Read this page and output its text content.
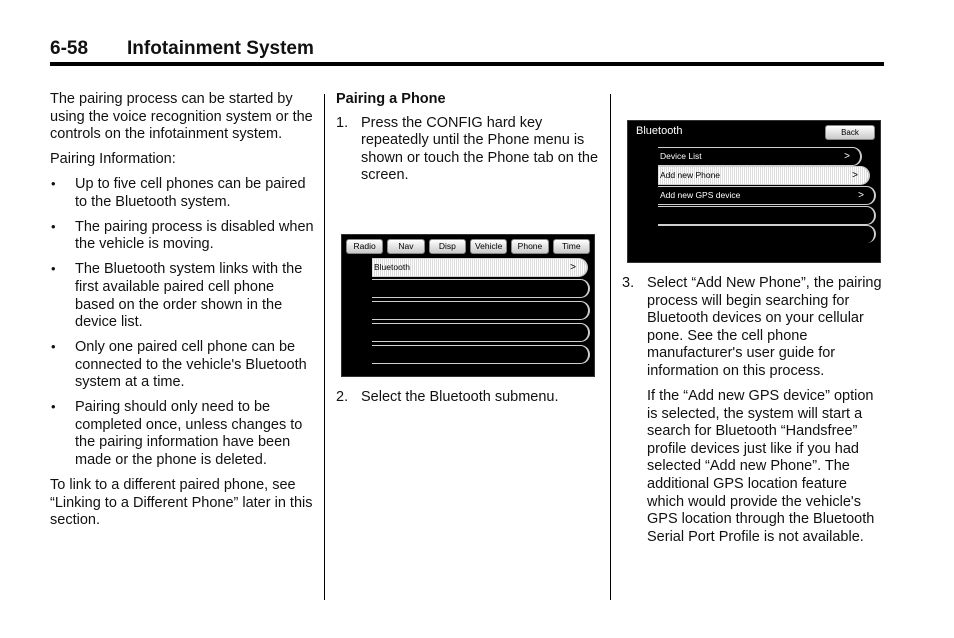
6-58 Infotainment System

The pairing process can be started by using the voice recognition system or the controls on the infotainment system.

Pairing Information:

• Up to five cell phones can be paired to the Bluetooth system.
• The pairing process is disabled when the vehicle is moving.
• The Bluetooth system links with the first available paired cell phone based on the order shown in the device list.
• Only one paired cell phone can be connected to the vehicle's Bluetooth system at a time.
• Pairing should only need to be completed once, unless changes to the pairing information have been made or the phone is deleted.

To link to a different paired phone, see “Linking to a Different Phone” later in this section.

Pairing a Phone
1. Press the CONFIG hard key repeatedly until the Phone menu is shown or touch the Phone tab on the screen.
Radio	Nav	Disp	Vehicle	Phone	Time
Bluetooth	>
2. Select the Bluetooth submenu.
Bluetooth	Back
Device List	>
Add new Phone	>
Add new GPS device	>
3. Select “Add New Phone”, the pairing process will begin searching for Bluetooth devices on your cellular pone. See the cell phone manufacturer's user guide for information on this process.

If the “Add new GPS device” option is selected, the system will start a search for Bluetooth “Handsfree” profile devices just like if you had selected “Add new Phone”. The additional GPS location feature which would provide the vehicle's GPS location through the Bluetooth Serial Port Profile is not available.
